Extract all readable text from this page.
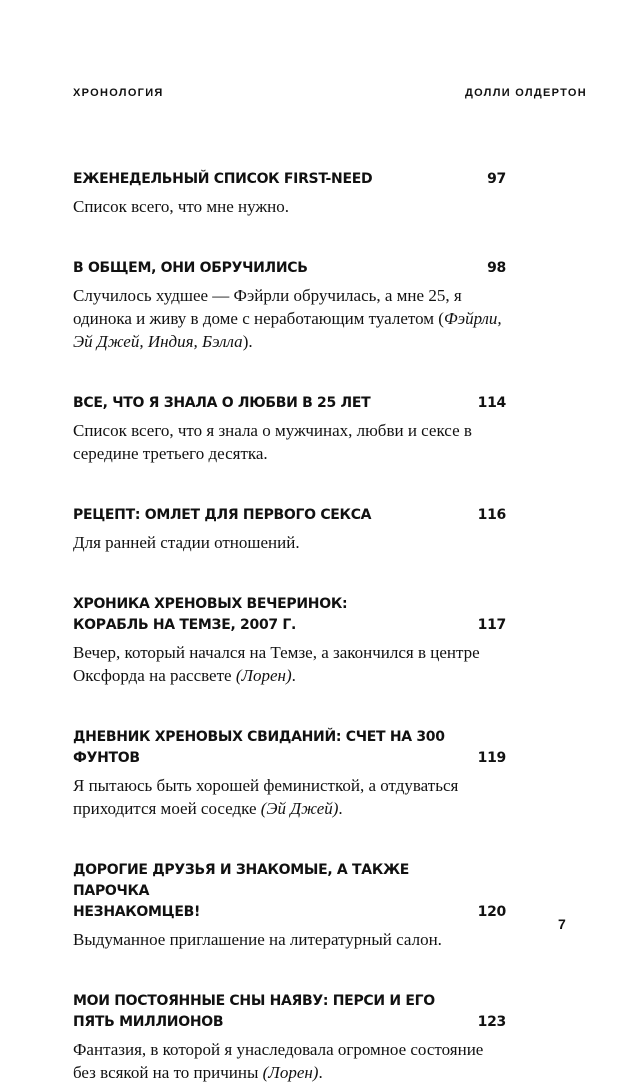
ХРОНОЛОГИЯ	ДОЛЛИ ОЛДЕРТОН
ЕЖЕНЕДЕЛЬНЫЙ СПИСОК FIRST-NEED	97
Список всего, что мне нужно.
В ОБЩЕМ, ОНИ ОБРУЧИЛИСЬ	98
Случилось худшее — Фэйрли обручилась, а мне 25, я одинока и живу в доме с неработающим туалетом (Фэйрли, Эй Джей, Индия, Бэлла).
ВСЕ, ЧТО Я ЗНАЛА О ЛЮБВИ В 25 ЛЕТ	114
Список всего, что я знала о мужчинах, любви и сексе в середине третьего десятка.
РЕЦЕПТ: ОМЛЕТ ДЛЯ ПЕРВОГО СЕКСА	116
Для ранней стадии отношений.
ХРОНИКА ХРЕНОВЫХ ВЕЧЕРИНОК:
КОРАБЛЬ НА ТЕМЗЕ, 2007 Г.	117
Вечер, который начался на Темзе, а закончился в центре Оксфорда на рассвете (Лорен).
ДНЕВНИК ХРЕНОВЫХ СВИДАНИЙ: СЧЕТ НА 300 ФУНТОВ	119
Я пытаюсь быть хорошей феминисткой, а отдуваться приходится моей соседке (Эй Джей).
ДОРОГИЕ ДРУЗЬЯ И ЗНАКОМЫЕ, А ТАКЖЕ ПАРОЧКА
НЕЗНАКОМЦЕВ!	120
Выдуманное приглашение на литературный салон.
МОИ ПОСТОЯННЫЕ СНЫ НАЯВУ: ПЕРСИ И ЕГО
ПЯТЬ МИЛЛИОНОВ	123
Фантазия, в которой я унаследовала огромное состояние без всякой на то причины (Лорен).
7
